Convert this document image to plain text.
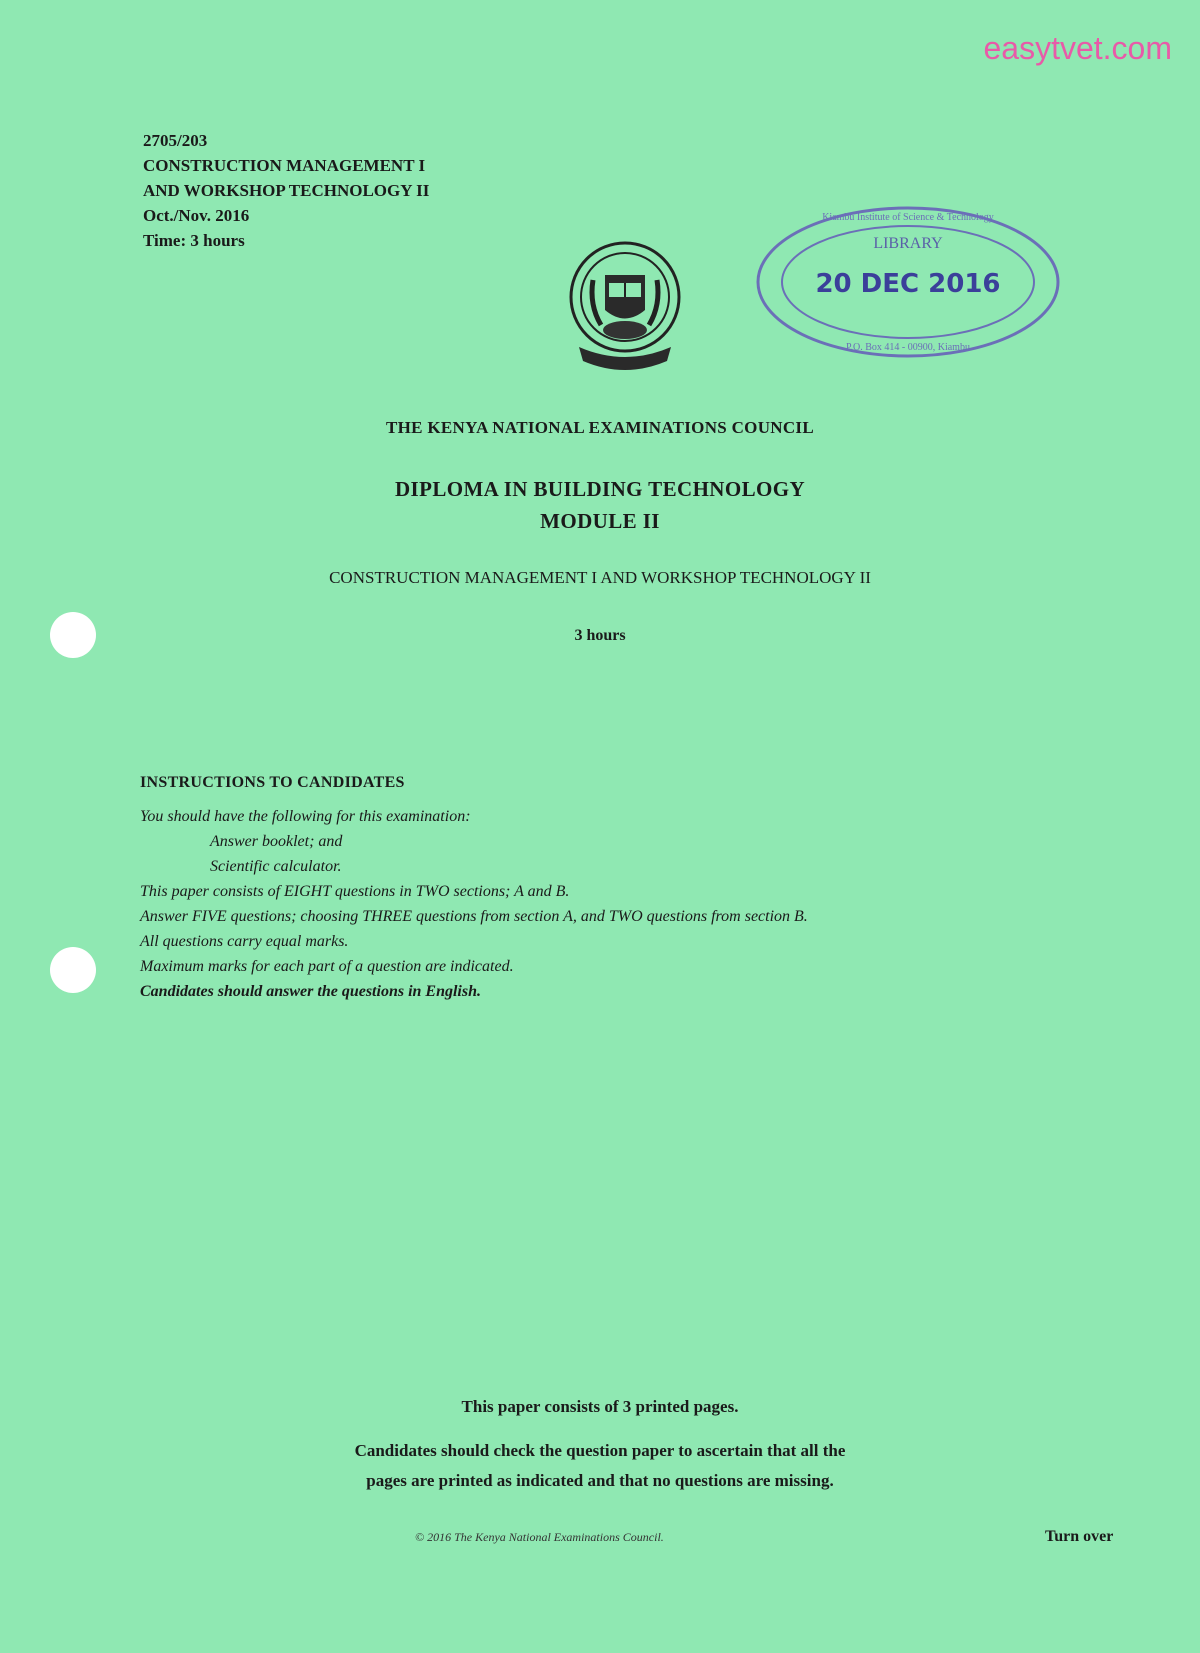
easytvet.com
2705/203
CONSTRUCTION MANAGEMENT I
AND WORKSHOP TECHNOLOGY II
Oct./Nov. 2016
Time: 3 hours	LIBRARY
20 DEC 2016
Kiambu Institute of Science & Technology
P.O. Box 414 - 00900, Kiambu
THE KENYA NATIONAL EXAMINATIONS COUNCIL
DIPLOMA IN BUILDING TECHNOLOGY
MODULE II
CONSTRUCTION MANAGEMENT I AND WORKSHOP TECHNOLOGY II
3 hours
INSTRUCTIONS TO CANDIDATES
You should have the following for this examination:
Answer booklet; and
Scientific calculator.
This paper consists of EIGHT questions in TWO sections; A and B.
Answer FIVE questions; choosing THREE questions from section A, and TWO questions from section B.
All questions carry equal marks.
Maximum marks for each part of a question are indicated.
Candidates should answer the questions in English.
This paper consists of 3 printed pages.
Candidates should check the question paper to ascertain that all the
pages are printed as indicated and that no questions are missing.
© 2016 The Kenya National Examinations Council.	Turn over
